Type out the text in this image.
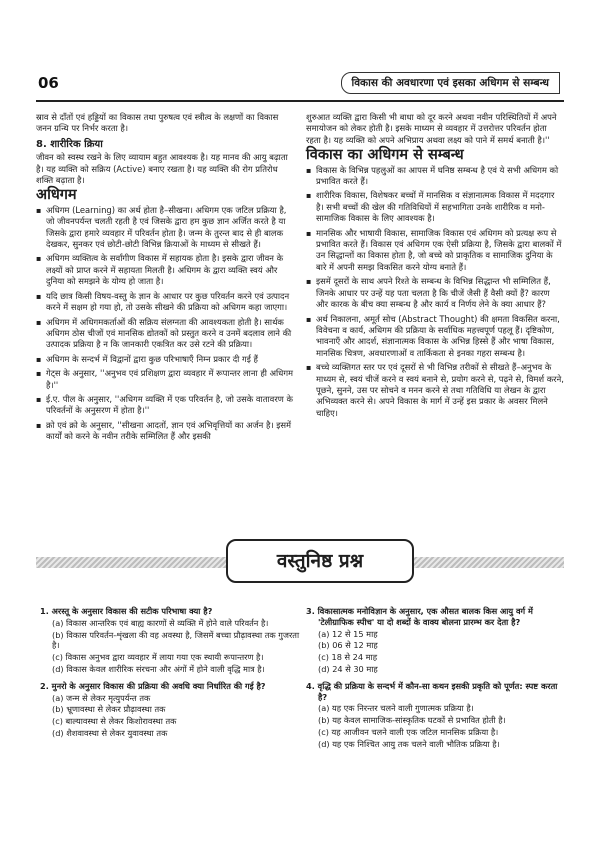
06	विकास की अवधारणा एवं इसका अधिगम से सम्बन्ध

स्राव से दाँतों एवं हड्डियों का विकास तथा पुरुषत्व एवं स्त्रीत्व के लक्षणों का विकास जनन ग्रन्थि पर निर्भर करता है।

8. शारीरिक क्रिया

जीवन को स्वस्थ रखने के लिए व्यायाम बहुत आवश्यक है। यह मानव की आयु बढ़ाता है। यह व्यक्ति को सक्रिय (Active) बनाए रखता है। यह व्यक्ति की रोग प्रतिरोध शक्ति बढ़ाता है।

अधिगम
▪ अधिगम (Learning) का अर्थ होता है–सीखना। अधिगम एक जटिल प्रक्रिया है, जो जीवनपर्यन्त चलती रहती है एवं जिसके द्वारा हम कुछ ज्ञान अर्जित करते है या जिसके द्वारा हमारे व्यवहार में परिवर्तन होता है। जन्म के तुरन्त बाद से ही बालक देखकर, सुनकर एवं छोटी-छोटी विभिन्न क्रियाओं के माध्यम से सीखते हैं।
▪ अधिगम व्यक्तित्व के सर्वांगीण विकास में सहायक होता है। इसके द्वारा जीवन के लक्ष्यों को प्राप्त करने में सहायता मिलती है। अधिगम के द्वारा व्यक्ति स्वयं और दुनिया को समझने के योग्य हो जाता है।
▪ यदि छात्र किसी विषय-वस्तु के ज्ञान के आधार पर कुछ परिवर्तन करने एवं उत्पादन करने में सक्षम हो गया हो, तो उसके सीखने की प्रक्रिया को अधिगम कहा जाएगा।
▪ अधिगम में अधिगमकर्ताओं की सक्रिय संलग्नता की आवश्यकता होती है। सार्थक अधिगम ठोस चीजों एवं मानसिक द्योतकों को प्रस्तुत करने व उनमें बदलाव लाने की उत्पादक प्रक्रिया है न कि जानकारी एकत्रित कर उसे रटने की प्रक्रिया।
▪ अधिगम के सन्दर्भ में विद्वानों द्वारा कुछ परिभाषाएँ निम्न प्रकार दी गई हैं
▪ गेट्स के अनुसार, ''अनुभव एवं प्रशिक्षण द्वारा व्यवहार में रूपान्तर लाना ही अधिगम है।''
▪ ई.ए. पील के अनुसार, ''अधिगम व्यक्ति में एक परिवर्तन है, जो उसके वातावरण के परिवर्तनों के अनुसरण में होता है।''
▪ क्रो एवं क्रो के अनुसार, ''सीखना आदतों, ज्ञान एवं अभिवृत्तियों का अर्जन है। इसमें कार्यों को करने के नवीन तरीके सम्मिलित हैं और इसकी

शुरुआत व्यक्ति द्वारा किसी भी बाधा को दूर करने अथवा नवीन परिस्थितियों में अपने समायोजन को लेकर होती है। इसके माध्यम से व्यवहार में उत्तरोत्तर परिवर्तन होता रहता है। यह व्यक्ति को अपने अभिप्राय अथवा लक्ष्य को पाने में समर्थ बनाती है।''

विकास का अधिगम से सम्बन्ध
▪ विकास के विभिन्न पहलुओं का आपस में घनिष्ठ सम्बन्ध है एवं ये सभी अधिगम को प्रभावित करते हैं।
▪ शारीरिक विकास, विशेषकर बच्चों में मानसिक व संज्ञानात्मक विकास में मददगार है। सभी बच्चों की खेल की गतिविधियों में सहभागिता उनके शारीरिक व मनो-सामाजिक विकास के लिए आवश्यक है।
▪ मानसिक और भाषायी विकास, सामाजिक विकास एवं अधिगम को प्रत्यक्ष रूप से प्रभावित करते हैं। विकास एवं अधिगम एक ऐसी प्रक्रिया है, जिसके द्वारा बालकों में उन सिद्धान्तों का विकास होता है, जो बच्चे को प्राकृतिक व सामाजिक दुनिया के बारे में अपनी समझ विकसित करने योग्य बनाते हैं।
▪ इसमें दूसरों के साथ अपने रिश्ते के सम्बन्ध के विभिन्न सिद्धान्त भी सम्मिलित हैं, जिनके आधार पर उन्हें यह पता चलता है कि चीजें जैसी हैं वैसी क्यों हैं? कारण और कारक के बीच क्या सम्बन्ध है और कार्य व निर्णय लेने के क्या आधार हैं?
▪ अर्थ निकालना, अमूर्त सोच (Abstract Thought) की क्षमता विकसित करना, विवेचना व कार्य, अधिगम की प्रक्रिया के सर्वाधिक महत्त्वपूर्ण पहलू हैं। दृष्टिकोण, भावनाएँ और आदर्श, संज्ञानात्मक विकास के अभिन्न हिस्से हैं और भाषा विकास, मानसिक चित्रण, अवधारणाओं व तार्किकता से इनका गहरा सम्बन्ध है।
▪ बच्चे व्यक्तिगत स्तर पर एवं दूसरों से भी विभिन्न तरीकों से सीखते हैं–अनुभव के माध्यम से, स्वयं चीजें करने व स्वयं बनाने से, प्रयोग करने से, पढ़ने से, विमर्श करने, पूछने, सुनने, उस पर सोचने व मनन करने से तथा गतिविधि या लेखन के द्वारा अभिव्यक्त करने से। अपने विकास के मार्ग में उन्हें इस प्रकार के अवसर मिलने चाहिए।
वस्तुनिष्ठ प्रश्न
1. अरस्तू के अनुसार विकास की सटीक परिभाषा क्या है?
(a) विकास आन्तरिक एवं बाह्य कारणों से व्यक्ति में होने वाले परिवर्तन है।
(b) विकास परिवर्तन-शृंखला की वह अवस्था है, जिसमें बच्चा प्रौढ़ावस्था तक गुजरता है।
(c) विकास अनुभव द्वारा व्यवहार में लाया गया एक स्थायी रूपान्तरण है।
(d) विकास केवल शारीरिक संरचना और अंगों में होने वाली वृद्धि मात्र है।
2. मुनरो के अनुसार विकास की प्रक्रिया की अवधि क्या निर्धारित की गई है?
(a) जन्म से लेकर मृत्युपर्यन्त तक
(b) भ्रूणावस्था से लेकर प्रौढ़ावस्था तक
(c) बाल्यावस्था से लेकर किशोरावस्था तक
(d) शैशवावस्था से लेकर युवावस्था तक
3. विकासात्मक मनोविज्ञान के अनुसार, एक औसत बालक किस आयु वर्ग में 'टेलीग्राफिक स्पीच' या दो शब्दों के वाक्य बोलना प्रारम्भ कर देता है?
(a) 12 से 15 माह
(b) 06 से 12 माह
(c) 18 से 24 माह
(d) 24 से 30 माह
4. वृद्धि की प्रक्रिया के सन्दर्भ में कौन-सा कथन इसकी प्रकृति को पूर्णत: स्पष्ट करता है?
(a) यह एक निरन्तर चलने वाली गुणात्मक प्रक्रिया है।
(b) यह केवल सामाजिक-सांस्कृतिक घटकों से प्रभावित होती है।
(c) यह आजीवन चलने वाली एक जटिल मानसिक प्रक्रिया है।
(d) यह एक निश्चित आयु तक चलने वाली भौतिक प्रक्रिया है।
